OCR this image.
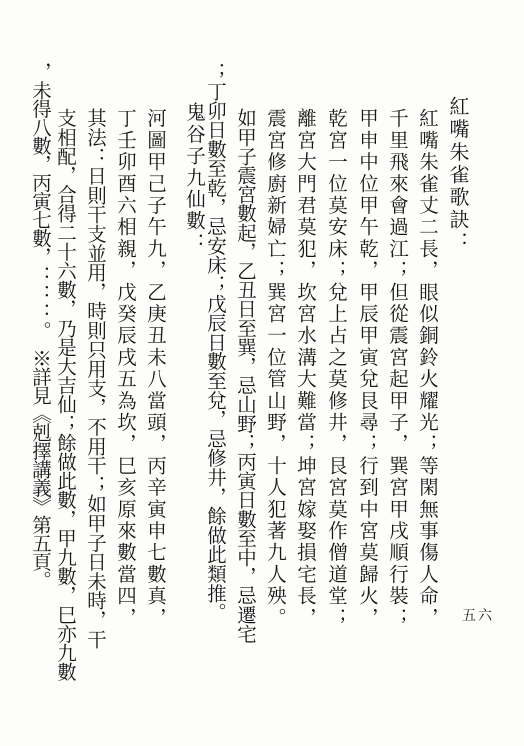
五六
紅嘴朱雀歌訣：
紅嘴朱雀丈二長，眼似銅鈴火耀光；等閑無事傷人命，
千里飛來會過江；但從震宮起甲子，巽宮甲戌順行裝；
甲申中位甲午乾，甲辰甲寅兌艮尋；行到中宮莫歸火，
乾宮一位莫安床；兌上占之莫修井，艮宮莫作僧道堂；
離宮大門君莫犯，坎宮水溝大難當；坤宮嫁娶損宅長，
震宮修廚新婦亡；巽宮一位管山野，十人犯著九人殃。
如甲子震宮數起，乙丑日至巽，忌山野；丙寅日數至中，忌遷宅
；丁卯日數至乾，忌安床；戊辰日數至兌，忌修井，餘做此類推。
鬼谷子九仙數：
河圖甲己子午九，乙庚丑未八當頭，丙辛寅申七數真，
丁壬卯酉六相親，戊癸辰戌五為坎，巳亥原來數當四，
其法：日則干支並用，時則只用支，不用干；如甲子日未時，干
支相配，合得二十六數，乃是大吉仙；餘做此數，甲九數，巳亦九數
，未得八數，丙寅七數，：：：。　※詳見《剋擇講義》第五頁。
